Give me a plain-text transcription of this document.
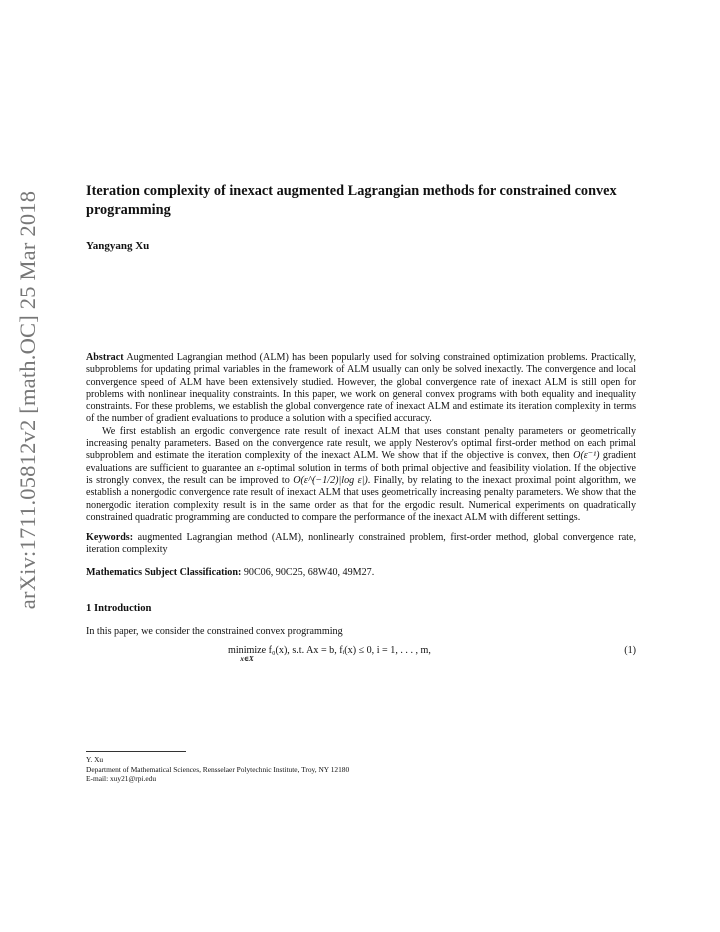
arXiv:1711.05812v2 [math.OC] 25 Mar 2018	Iteration complexity of inexact augmented Lagrangian methods for constrained convex programming
Yangyang Xu

Abstract Augmented Lagrangian method (ALM) has been popularly used for solving constrained optimization problems. Practically, subproblems for updating primal variables in the framework of ALM usually can only be solved inexactly. The convergence and local convergence speed of ALM have been extensively studied. However, the global convergence rate of inexact ALM is still open for problems with nonlinear inequality constraints. In this paper, we work on general convex programs with both equality and inequality constraints. For these problems, we establish the global convergence rate of inexact ALM and estimate its iteration complexity in terms of the number of gradient evaluations to produce a solution with a specified accuracy.

We first establish an ergodic convergence rate result of inexact ALM that uses constant penalty parameters or geometrically increasing penalty parameters. Based on the convergence rate result, we apply Nesterov's optimal first-order method on each primal subproblem and estimate the iteration complexity of the inexact ALM. We show that if the objective is convex, then O(ε⁻¹) gradient evaluations are sufficient to guarantee an ε-optimal solution in terms of both primal objective and feasibility violation. If the objective is strongly convex, the result can be improved to O(ε^(−1/2)|log ε|). Finally, by relating to the inexact proximal point algorithm, we establish a nonergodic convergence rate result of inexact ALM that uses geometrically increasing penalty parameters. We show that the nonergodic iteration complexity result is in the same order as that for the ergodic result. Numerical experiments on quadratically constrained quadratic programming are conducted to compare the performance of the inexact ALM with different settings.

Keywords: augmented Lagrangian method (ALM), nonlinearly constrained problem, first-order method, global convergence rate, iteration complexity
Mathematics Subject Classification: 90C06, 90C25, 68W40, 49M27.
1 Introduction
In this paper, we consider the constrained convex programming
minimize
x∈X
f₀(x), s.t. Ax = b, fᵢ(x) ≤ 0, i = 1, . . . , m,	(1)
Y. Xu
Department of Mathematical Sciences, Rensselaer Polytechnic Institute, Troy, NY 12180
E-mail: xuy21@rpi.edu
